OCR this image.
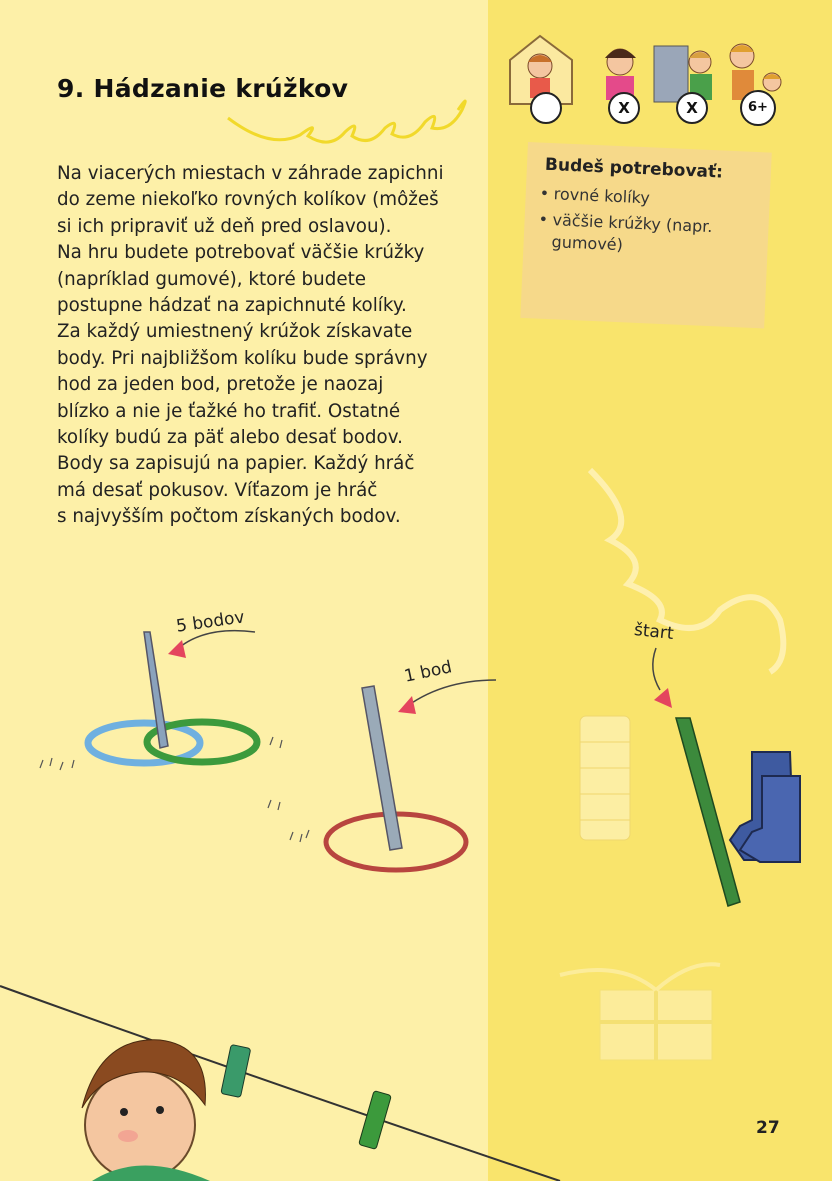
9. Hádzanie krúžkov
Na viacerých miestach v záhrade zapichni
do zeme niekoľko rovných kolíkov (môžeš
si ich pripraviť už deň pred oslavou).
Na hru budete potrebovať väčšie krúžky
(napríklad gumové), ktoré budete
postupne hádzať na zapichnuté kolíky.
Za každý umiestnený krúžok získavate
body. Pri najbližšom kolíku bude správny
hod za jeden bod, pretože je naozaj
blízko a nie je ťažké ho trafiť. Ostatné
kolíky budú za päť alebo desať bodov.
Body sa zapisujú na papier. Každý hráč
má desať pokusov. Víťazom je hráč
s najvyšším počtom získaných bodov.
X	X	6+
Budeš potrebovať:
• rovné kolíky
• väčšie krúžky (napr. gumové)
5 bodov
1 bod
štart
27
